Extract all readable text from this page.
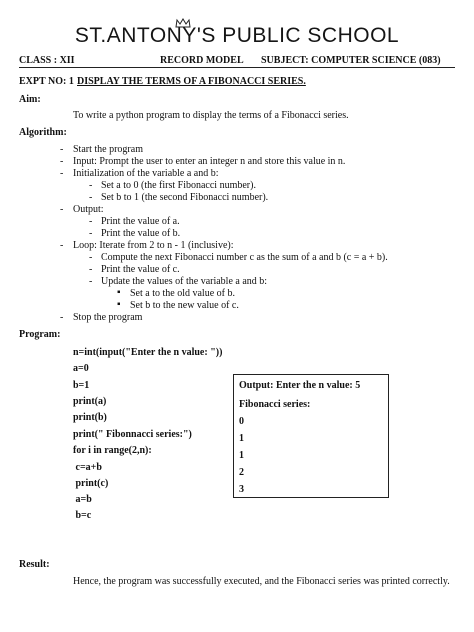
ST.ANTONY'S PUBLIC SCHOOL
CLASS : XII	RECORD MODEL SUBJECT: COMPUTER SCIENCE (083)
EXPT NO: 1 DISPLAY THE TERMS OF A FIBONACCI SERIES.
Aim:
To write a python program to display the terms of a Fibonacci series.
Algorithm:
-
Start the program
-
Input: Prompt the user to enter an integer n and store this value in n.
-
Initialization of the variable a and b:
-
Set a to 0 (the first Fibonacci number).
-
Set b to 1 (the second Fibonacci number).
-
Output:
-
Print the value of a.
-
Print the value of b.
-
Loop: Iterate from 2 to n - 1 (inclusive):
-
Compute the next Fibonacci number c as the sum of a and b (c = a + b).
-
Print the value of c.
-
Update the values of the variable a and b:
▪ Set a to the old value of b.
▪ Set b to the new value of c.
-
Stop the program
Program:
n=int(input("Enter the n value: "))
a=0
b=1
print(a)
print(b)
print(" Fibonnacci series:")
for i in range(2,n):
c=a+b
print(c)
a=b
b=c
Output: Enter the n value: 5
Fibonacci series:
0
1
1
2
3
Result:
Hence, the program was successfully executed, and the Fibonacci series was printed correctly.
